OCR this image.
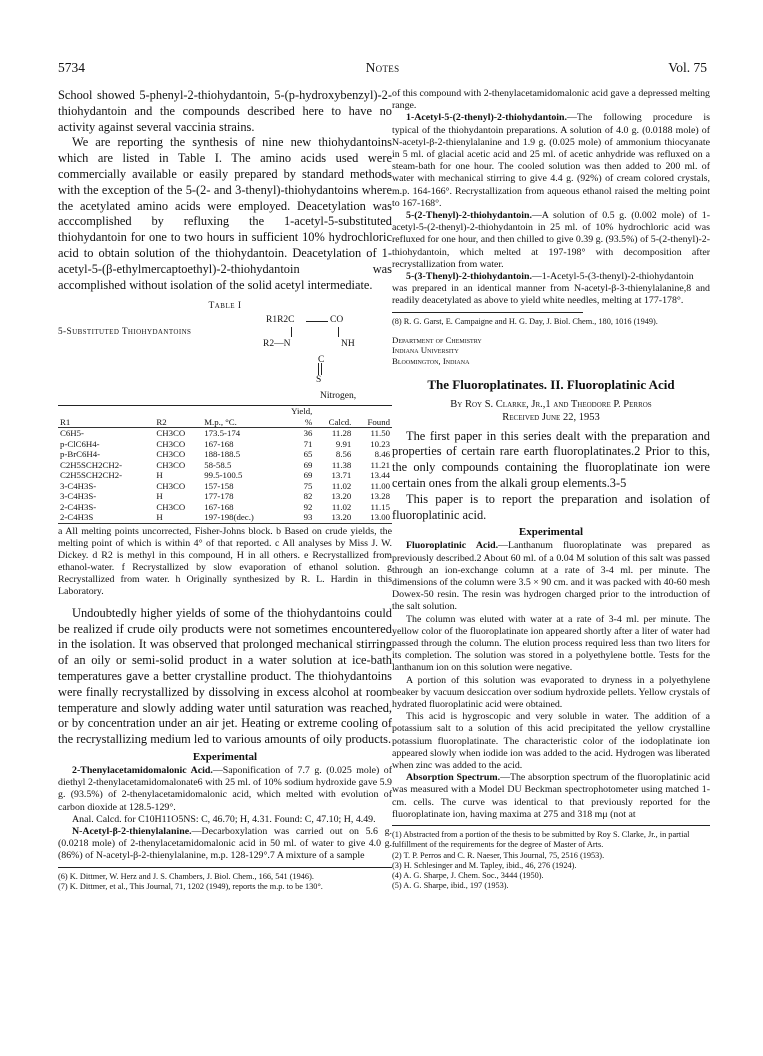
5734	Notes	Vol. 75

School showed 5-phenyl-2-thiohydantoin, 5-(p-hydroxybenzyl)-2-thiohydantoin and the compounds described here to have no activity against several vaccinia strains.

We are reporting the synthesis of nine new thiohydantoins which are listed in Table I. The amino acids used were commercially available or easily prepared by standard methods with the exception of the 5-(2- and 3-thenyl)-thiohydantoins where the acetylated amino acids were employed. Deacetylation was acccomplished by refluxing the 1-acetyl-5-substituted thiohydantoin for one to two hours in sufficient 10% hydrochloric acid to obtain solution of the thiohydantoin. Deacetylation of 1-acetyl-5-(β-ethylmercaptoethyl)-2-thiohydantoin was accomplished without isolation of the solid acetyl intermediate.

Table I
5-Substituted Thiohydantoins
R1R2C	CO
R2—N	NH
C
S
Nitrogen,
R1	R2	M.p., °C.	Yield, %	Calcd.	Found
C6H5-	CH3CO	173.5-174	36	11.28	11.50
p-ClC6H4-	CH3CO	167-168	71	9.91	10.23
p-BrC6H4-	CH3CO	188-188.5	65	8.56	8.46
C2H5SCH2CH2-	CH3CO	58-58.5	69	11.38	11.21
C2H5SCH2CH2-	H	99.5-100.5	69	13.71	13.44
3-C4H3S-	CH3CO	157-158	75	11.02	11.00
3-C4H3S-	H	177-178	82	13.20	13.28
2-C4H3S-	CH3CO	167-168	92	11.02	11.15
2-C4H3S	H	197-198(dec.)	93	13.20	13.00

a All melting points uncorrected, Fisher-Johns block. b Based on crude yields, the melting point of which is within 4° of that reported. c All analyses by Miss J. W. Dickey. d R2 is methyl in this compound, H in all others. e Recrystallized from ethanol-water. f Recrystallized by slow evaporation of ethanol solution. g Recrystallized from water. h Originally synthesized by R. L. Hardin in this Laboratory.

Undoubtedly higher yields of some of the thiohydantoins could be realized if crude oily products were not sometimes encountered in the isolation. It was observed that prolonged mechanical stirring of an oily or semi-solid product in a water solution at ice-bath temperatures gave a better crystalline product. The thiohydantoins were finally recrystallized by dissolving in excess alcohol at room temperature and slowly adding water until saturation was reached, or by concentration under an air jet. Heating or extreme cooling of the recrystallizing medium led to various amounts of oily products.

Experimental

2-Thenylacetamidomalonic Acid.—Saponification of 7.7 g. (0.025 mole) of diethyl 2-thenylacetamidomalonate6 with 25 ml. of 10% sodium hydroxide gave 5.9 g. (93.5%) of 2-thenylacetamidomalonic acid, which melted with evolution of carbon dioxide at 128.5-129°.

Anal. Calcd. for C10H11O5NS: C, 46.70; H, 4.31. Found: C, 47.10; H, 4.49.

N-Acetyl-β-2-thienylalanine.—Decarboxylation was carried out on 5.6 g. (0.0218 mole) of 2-thenylacetamidomalonic acid in 50 ml. of water to give 4.0 g. (86%) of N-acetyl-β-2-thienylalanine, m.p. 128-129°.7 A mixture of a sample

(6) K. Dittmer, W. Herz and J. S. Chambers, J. Biol. Chem., 166, 541 (1946).

(7) K. Dittmer, et al., This Journal, 71, 1202 (1949), reports the m.p. to be 130°.

of this compound with 2-thenylacetamidomalonic acid gave a depressed melting range.

1-Acetyl-5-(2-thenyl)-2-thiohydantoin.—The following procedure is typical of the thiohydantoin preparations. A solution of 4.0 g. (0.0188 mole) of N-acetyl-β-2-thienylalanine and 1.9 g. (0.025 mole) of ammonium thiocyanate in 5 ml. of glacial acetic acid and 25 ml. of acetic anhydride was refluxed on a steam-bath for one hour. The cooled solution was then added to 200 ml. of water with mechanical stirring to give 4.4 g. (92%) of cream colored crystals, m.p. 164-166°. Recrystallization from aqueous ethanol raised the melting point to 167-168°.

5-(2-Thenyl)-2-thiohydantoin.—A solution of 0.5 g. (0.002 mole) of 1-acetyl-5-(2-thenyl)-2-thiohydantoin in 25 ml. of 10% hydrochloric acid was refluxed for one hour, and then chilled to give 0.39 g. (93.5%) of 5-(2-thenyl)-2-thiohydantoin, which melted at 197-198° with decomposition after recrystallization from water.

5-(3-Thenyl)-2-thiohydantoin.—1-Acetyl-5-(3-thenyl)-2-thiohydantoin was prepared in an identical manner from N-acetyl-β-3-thienylalanine,8 and readily deacetylated as above to yield white needles, melting at 177-178°.

(8) R. G. Garst, E. Campaigne and H. G. Day, J. Biol. Chem., 180, 1016 (1949).

Department of Chemistry
Indiana University
Bloomington, Indiana
The Fluoroplatinates. II. Fluoroplatinic Acid
By Roy S. Clarke, Jr.,1 and Theodore P. Perros
Received June 22, 1953

The first paper in this series dealt with the preparation and properties of certain rare earth fluoroplatinates.2 Prior to this, the only compounds containing the fluoroplatinate ion were certain ones from the alkali group elements.3-5

This paper is to report the preparation and isolation of fluoroplatinic acid.

Experimental

Fluoroplatinic Acid.—Lanthanum fluoroplatinate was prepared as previously described.2 About 60 ml. of a 0.04 M solution of this salt was passed through an ion-exchange column at a rate of 3-4 ml. per minute. The dimensions of the column were 3.5 × 90 cm. and it was packed with 40-60 mesh Dowex-50 resin. The resin was hydrogen charged prior to the introduction of the salt solution.

The column was eluted with water at a rate of 3-4 ml. per minute. The yellow color of the fluoroplatinate ion appeared shortly after a liter of water had passed through the column. The elution process required less than two liters for its completion. The solution was stored in a polyethylene bottle. Tests for the lanthanum ion on this solution were negative.

A portion of this solution was evaporated to dryness in a polyethylene beaker by vacuum desiccation over sodium hydroxide pellets. Yellow crystals of hydrated fluoroplatinic acid were obtained.

This acid is hygroscopic and very soluble in water. The addition of a potassium salt to a solution of this acid precipitated the yellow crystalline potassium fluoroplatinate. The characteristic color of the iodoplatinate ion appeared slowly when iodide ion was added to the acid. Hydrogen was liberated when zinc was added to the acid.

Absorption Spectrum.—The absorption spectrum of the fluoroplatinic acid was measured with a Model DU Beckman spectrophotometer using matched 1-cm. cells. The curve was identical to that previously reported for the fluoroplatinate ion, having maxima at 275 and 318 mμ (not at

(1) Abstracted from a portion of the thesis to be submitted by Roy S. Clarke, Jr., in partial fulfillment of the requirements for the degree of Master of Arts.

(2) T. P. Perros and C. R. Naeser, This Journal, 75, 2516 (1953).

(3) H. Schlesinger and M. Tapley, ibid., 46, 276 (1924).

(4) A. G. Sharpe, J. Chem. Soc., 3444 (1950).

(5) A. G. Sharpe, ibid., 197 (1953).
